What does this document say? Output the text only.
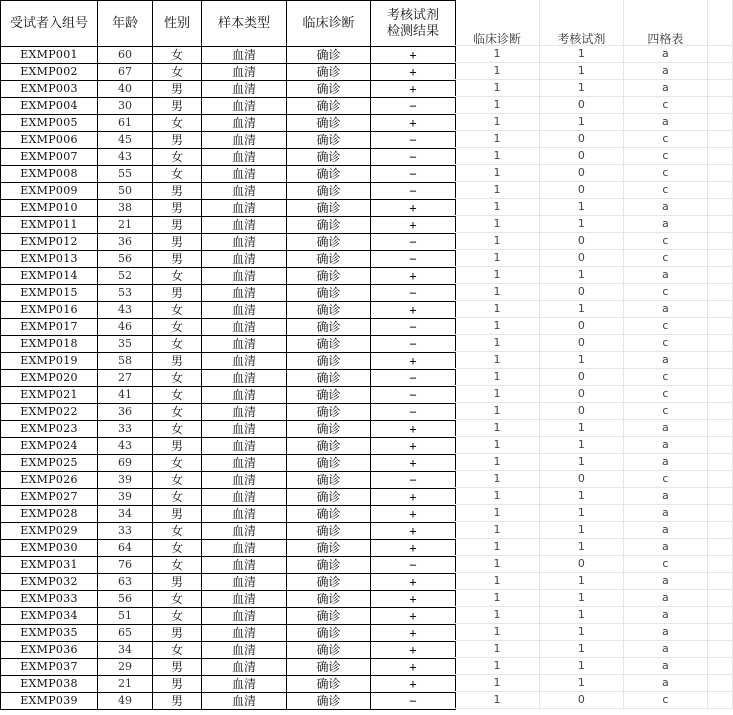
受试者入组号	年龄	性别	样本类型	临床诊断	考核试剂
检测结果

EXMP001	60	女	血清	确诊	+
EXMP002	67	女	血清	确诊	+
EXMP003	40	男	血清	确诊	+
EXMP004	30	男	血清	确诊	−
EXMP005	61	女	血清	确诊	+
EXMP006	45	男	血清	确诊	−
EXMP007	43	女	血清	确诊	−
EXMP008	55	女	血清	确诊	−
EXMP009	50	男	血清	确诊	−
EXMP010	38	男	血清	确诊	+
EXMP011	21	男	血清	确诊	+
EXMP012	36	男	血清	确诊	−
EXMP013	56	男	血清	确诊	−
EXMP014	52	女	血清	确诊	+
EXMP015	53	男	血清	确诊	−
EXMP016	43	女	血清	确诊	+
EXMP017	46	女	血清	确诊	−
EXMP018	35	女	血清	确诊	−
EXMP019	58	男	血清	确诊	+
EXMP020	27	女	血清	确诊	−
EXMP021	41	女	血清	确诊	−
EXMP022	36	女	血清	确诊	−
EXMP023	33	女	血清	确诊	+
EXMP024	43	男	血清	确诊	+
EXMP025	69	女	血清	确诊	+
EXMP026	39	女	血清	确诊	−
EXMP027	39	女	血清	确诊	+
EXMP028	34	男	血清	确诊	+
EXMP029	33	女	血清	确诊	+
EXMP030	64	女	血清	确诊	+
EXMP031	76	女	血清	确诊	−
EXMP032	63	男	血清	确诊	+
EXMP033	56	女	血清	确诊	+
EXMP034	51	女	血清	确诊	+
EXMP035	65	男	血清	确诊	+
EXMP036	34	女	血清	确诊	+
EXMP037	29	男	血清	确诊	+
EXMP038	21	男	血清	确诊	+
EXMP039	49	男	血清	确诊	−

临床诊断	考核试剂	四格表	
1	1	a	
1	1	a	
1	1	a	
1	0	c	
1	1	a	
1	0	c	
1	0	c	
1	0	c	
1	0	c	
1	1	a	
1	1	a	
1	0	c	
1	0	c	
1	1	a	
1	0	c	
1	1	a	
1	0	c	
1	0	c	
1	1	a	
1	0	c	
1	0	c	
1	0	c	
1	1	a	
1	1	a	
1	1	a	
1	0	c	
1	1	a	
1	1	a	
1	1	a	
1	1	a	
1	0	c	
1	1	a	
1	1	a	
1	1	a	
1	1	a	
1	1	a	
1	1	a	
1	1	a	
1	0	c	
